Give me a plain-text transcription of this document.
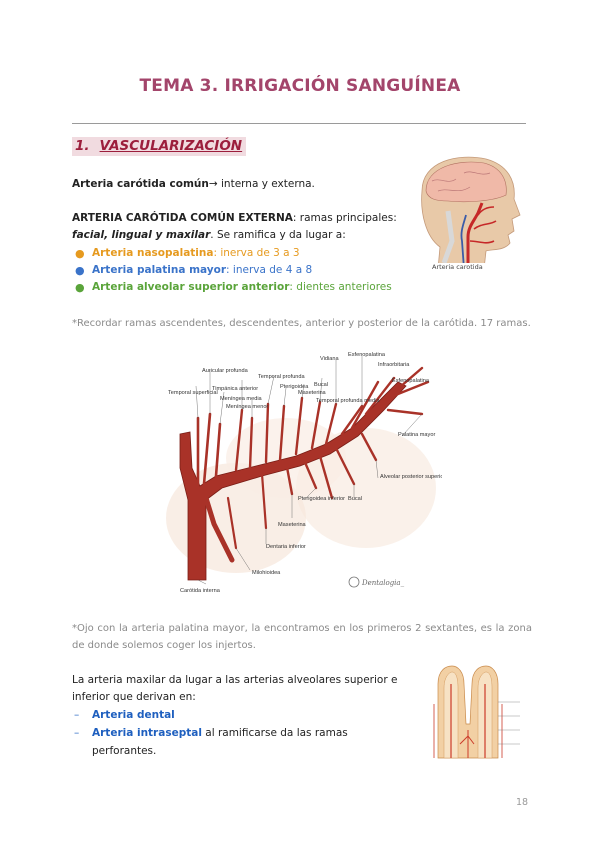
TEMA 3. IRRIGACIÓN SANGUÍNEA
1. VASCULARIZACIÓN
Arteria carótida común→ interna y externa.
ARTERIA CARÓTIDA COMÚN EXTERNA: ramas principales: facial, lingual y maxilar. Se ramifica y da lugar a:
● Arteria nasopalatina: inerva de 3 a 3
● Arteria palatina mayor: inerva de 4 a 8
● Arteria alveolar superior anterior: dientes anteriores
Arteria carotida
*Recordar ramas ascendentes, descendentes, anterior y posterior de la carótida. 17 ramas.
Auricular profunda
Timpánica anterior
Meníngea media
Meníngea menor
Temporal superficial
Temporal profunda
Pterigoidea
Maseterina
Bucal
Temporal profunda media
Vidiana
Esfenopalatina
Infraorbitaria
Esfenopalatina
Palatina mayor
Alveolar posterior superior
Bucal
Pterigoidea inferior
Maseterina
Dentaria inferior
Milohioidea
Carótida interna
Dentalogia_
*Ojo con la arteria palatina mayor, la encontramos en los primeros 2 sextantes, es la zona de donde solemos coger los injertos.
La arteria maxilar da lugar a las arterias alveolares superior e inferior que derivan en:
– Arteria dental
– Arteria intraseptal al ramificarse da las ramas perforantes.
18
